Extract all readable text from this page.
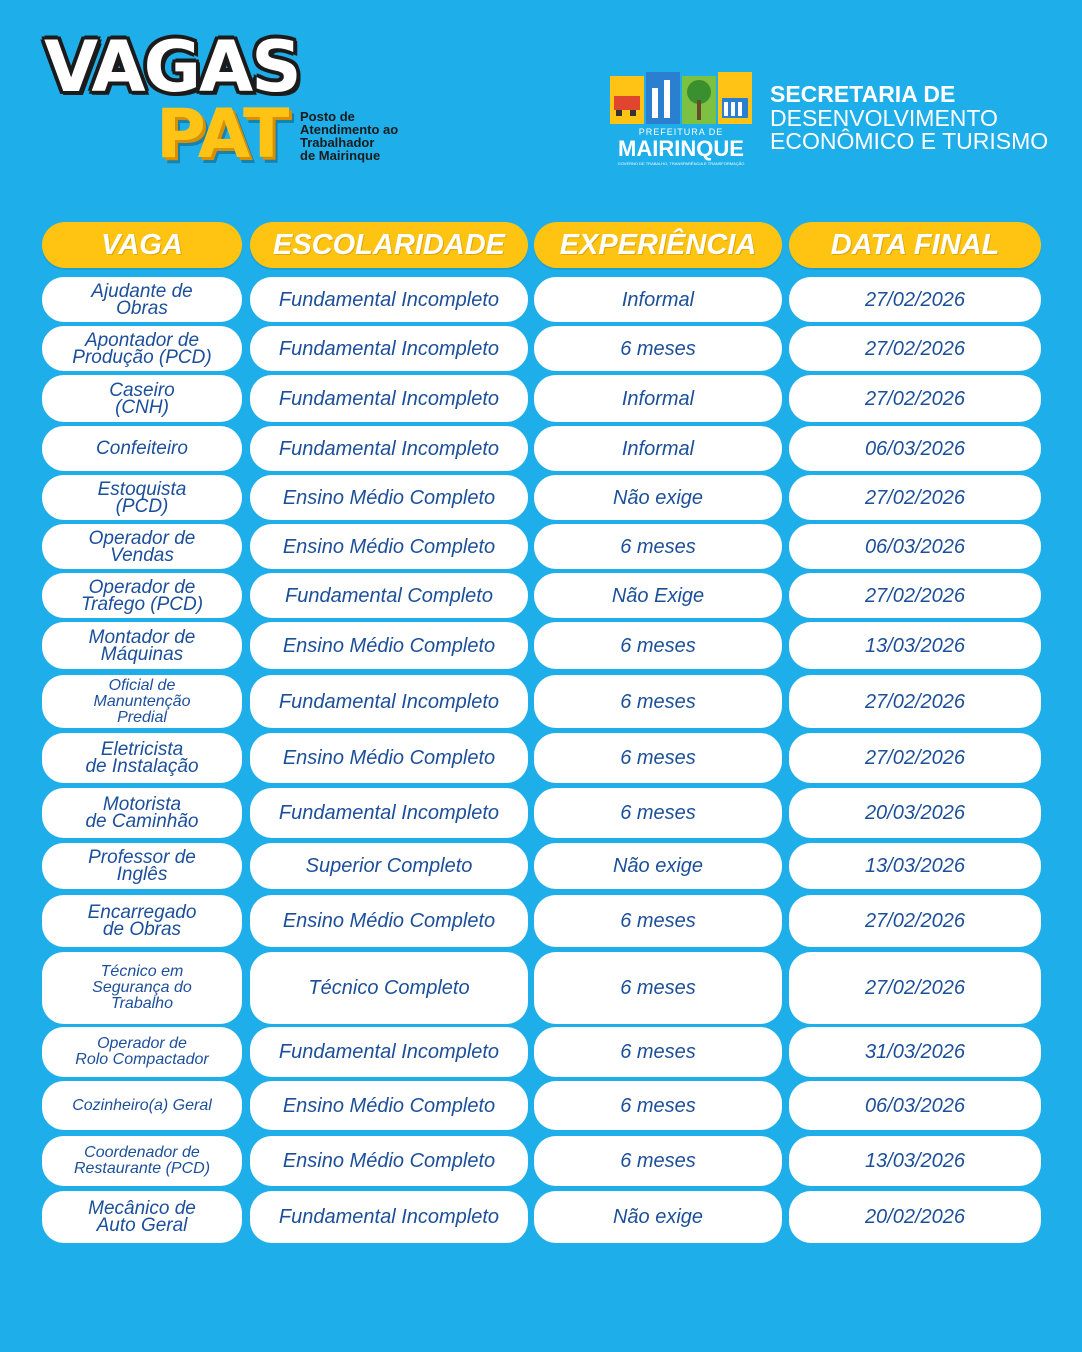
VAGAS
PAT Posto de
Atendimento ao
Trabalhador
de Mairinque
PREFEITURA DE
MAIRINQUE
GOVERNO DE TRABALHO, TRANSPARÊNCIA E TRANSFORMAÇÃO
SECRETARIA DE
DESENVOLVIMENTO
ECONÔMICO E TURISMO
VAGA	ESCOLARIDADE	EXPERIÊNCIA	DATA FINAL
Ajudante de
Obras	Fundamental Incompleto	Informal	27/02/2026
Apontador de
Produção (PCD)	Fundamental Incompleto	6 meses	27/02/2026
Caseiro
(CNH)	Fundamental Incompleto	Informal	27/02/2026
Confeiteiro	Fundamental Incompleto	Informal	06/03/2026
Estoquista
(PCD)	Ensino Médio Completo	Não exige	27/02/2026
Operador de
Vendas	Ensino Médio Completo	6 meses	06/03/2026
Operador de
Trafego (PCD)	Fundamental Completo	Não Exige	27/02/2026
Montador de
Máquinas	Ensino Médio Completo	6 meses	13/03/2026
Oficial de
Manuntenção
Predial
Fundamental Incompleto	6 meses	27/02/2026
Eletricista
de Instalação	Ensino Médio Completo	6 meses	27/02/2026
Motorista
de Caminhão	Fundamental Incompleto	6 meses	20/03/2026
Professor de
Inglês	Superior Completo	Não exige	13/03/2026
Encarregado
de Obras	Ensino Médio Completo	6 meses	27/02/2026
Técnico em
Segurança do
Trabalho
Técnico Completo	6 meses	27/02/2026
Operador de
Rolo Compactador	Fundamental Incompleto	6 meses	31/03/2026
Cozinheiro(a) Geral	Ensino Médio Completo	6 meses	06/03/2026
Coordenador de
Restaurante (PCD)	Ensino Médio Completo	6 meses	13/03/2026
Mecânico de
Auto Geral	Fundamental Incompleto	Não exige	20/02/2026
